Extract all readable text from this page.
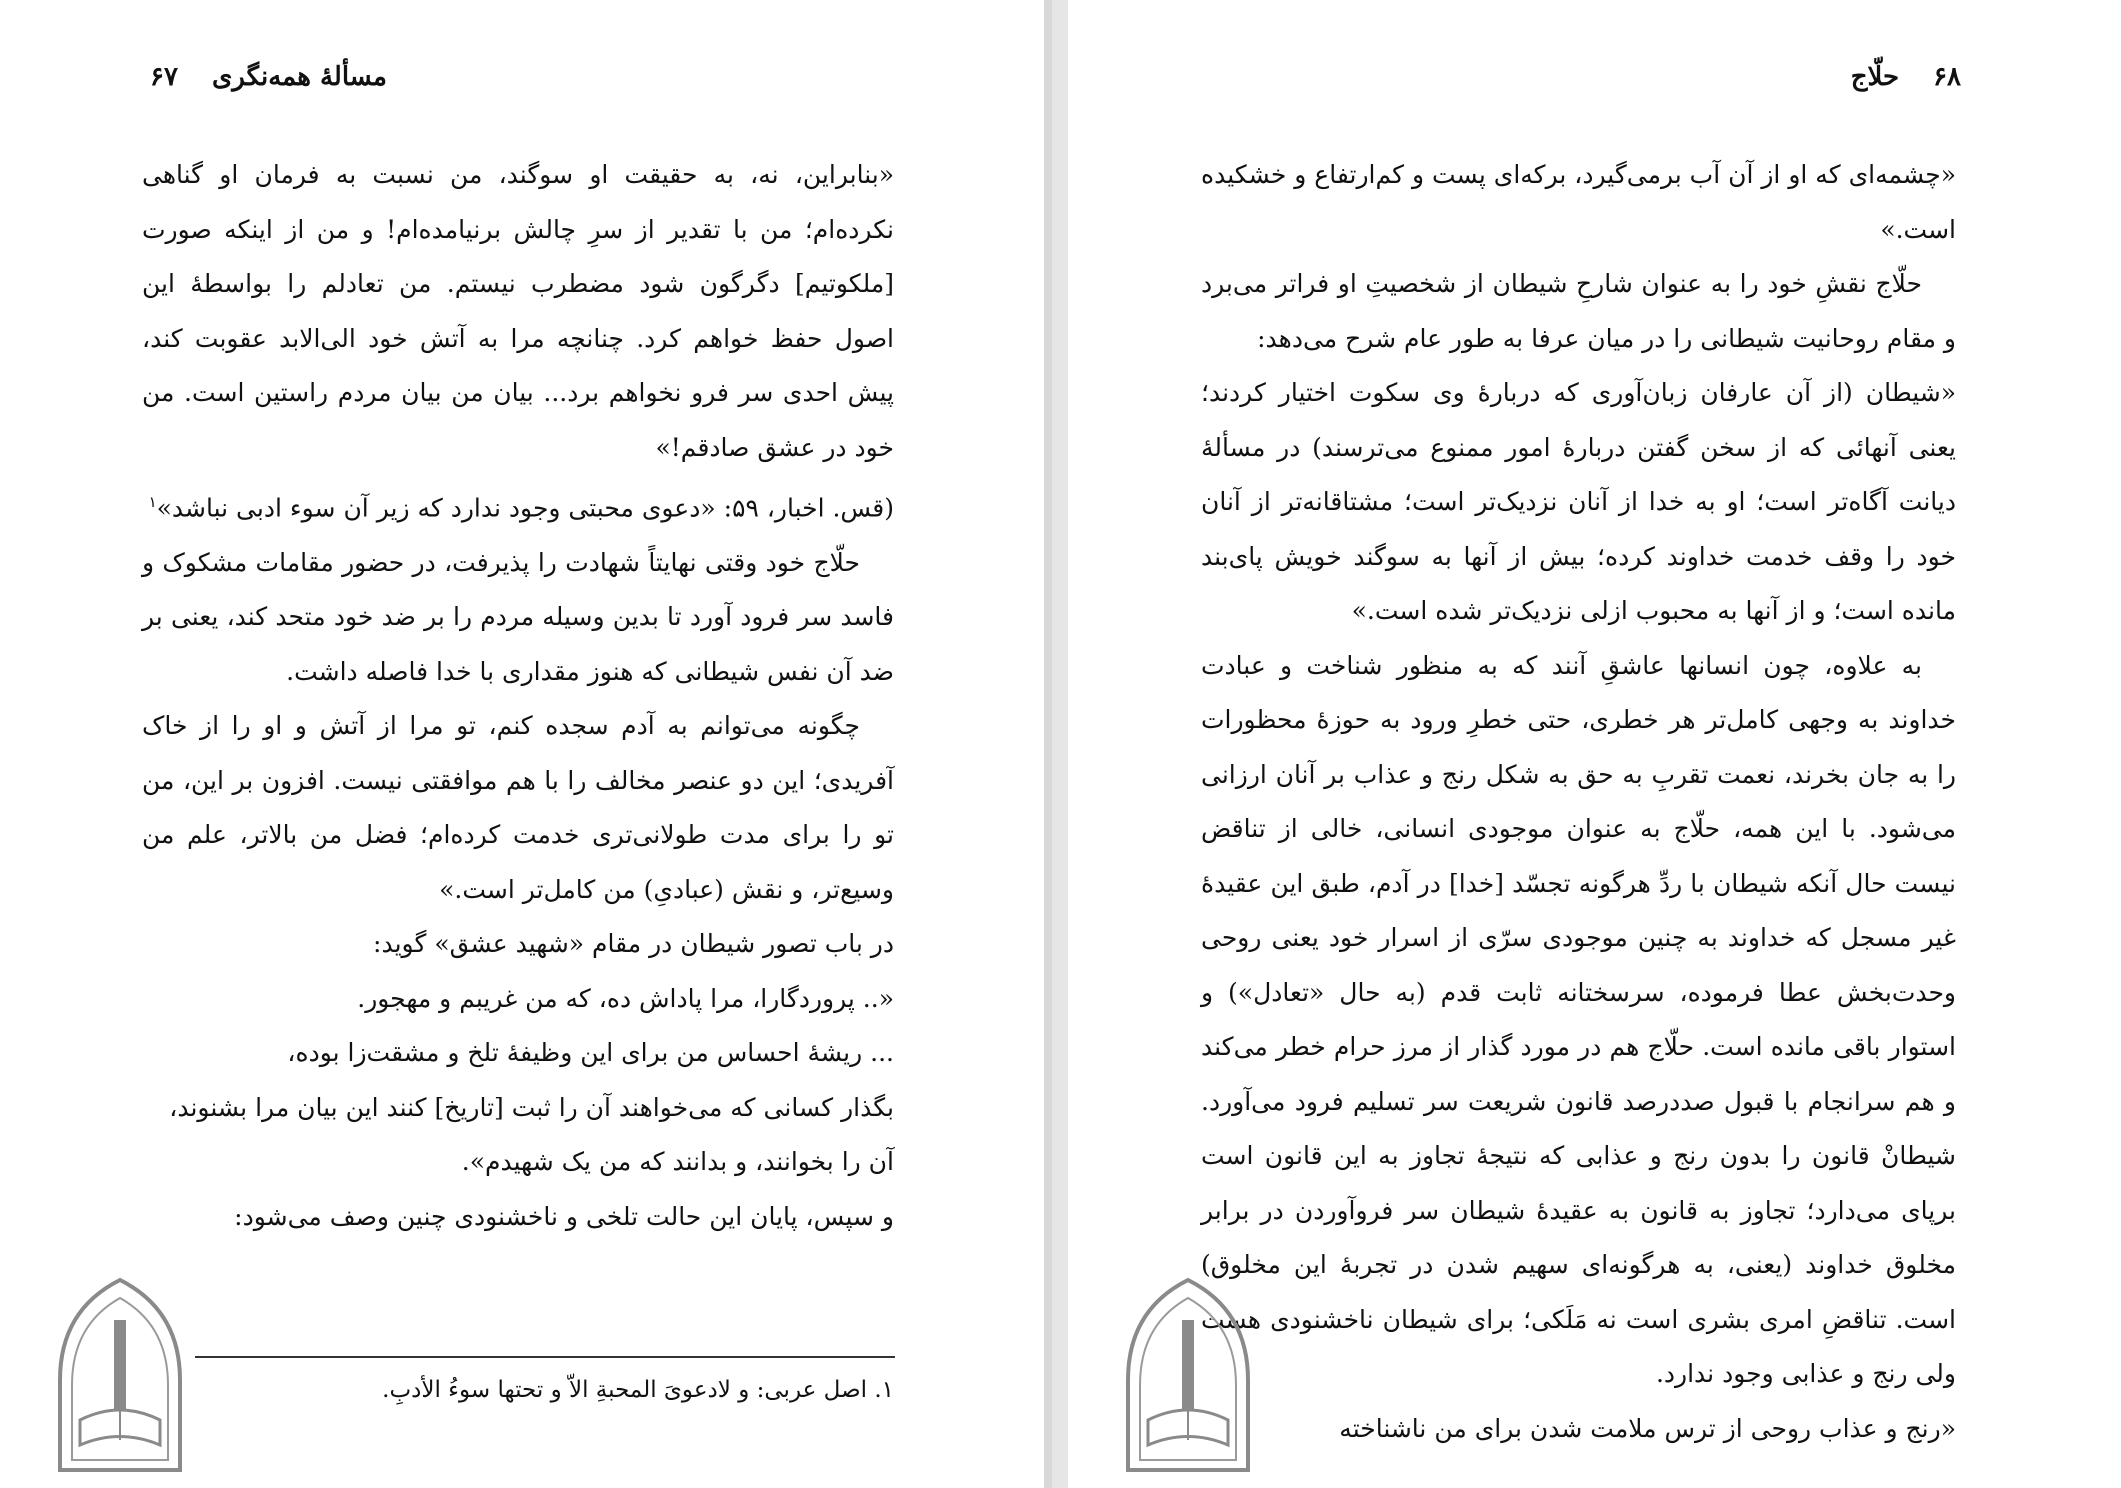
مسألهٔ همه‌نگری
۶۷

«بنابراین، نه، به حقیقت او سوگند، من نسبت به فرمان او گناهی نکرده‌ام؛ من با تقدیر از سرِ چالش برنیامده‌ام! و من از اینکه صورت [ملکوتیم] دگرگون شود مضطرب نیستم. من تعادلم را بواسطهٔ این اصول حفظ خواهم کرد. چنانچه مرا به آتش خود الی‌الابد عقوبت کند، پیش احدی سر فرو نخواهم برد... بیان من بیان مردم راستین است. من خود در عشق صادقم!»

(قس. اخبار، ۵۹: «دعوی محبتی وجود ندارد که زیر آن سوء ادبی نباشد»$^۱$

حلّاج خود وقتی نهایتاً شهادت را پذیرفت، در حضور مقامات مشکوک و فاسد سر فرود آورد تا بدین وسیله مردم را بر ضد خود متحد کند، یعنی بر ضد آن نفس شیطانی که هنوز مقداری با خدا فاصله داشت.

چگونه می‌توانم به آدم سجده کنم، تو مرا از آتش و او را از خاک آفریدی؛ این دو عنصر مخالف را با هم موافقتی نیست. افزون بر این، من تو را برای مدت طولانی‌تری خدمت کرده‌ام؛ فضل من بالاتر، علم من وسیع‌تر، و نقش (عبادیِ) من کامل‌تر است.»

در باب تصور شیطان در مقام «شهید عشق» گوید:

«.. پروردگارا، مرا پاداش ده، که من غریبم و مهجور.

... ریشهٔ احساس من برای این وظیفهٔ تلخ و مشقت‌زا بوده،

بگذار کسانی که می‌خواهند آن را ثبت [تاریخ] کنند این بیان مرا بشنوند،

آن را بخوانند، و بدانند که من یک شهیدم».

و سپس، پایان این حالت تلخی و ناخشنودی چنین وصف می‌شود:

۱. اصل عربی: و لادعویَ المحبةِ الاّ و تحتها سوءُ الأدبِ.
۶۸
حلّاج

«چشمه‌ای که او از آن آب برمی‌گیرد، برکه‌ای پست و کم‌ارتفاع و خشکیده است.»

حلّاج نقشِ خود را به عنوان شارحِ شیطان از شخصیتِ او فراتر می‌برد و مقام روحانیت شیطانی را در میان عرفا به طور عام شرح می‌دهد:

«شیطان (از آن عارفان زبان‌آوری که دربارهٔ وی سکوت اختیار کردند؛ یعنی آنهائی که از سخن گفتن دربارهٔ امور ممنوع می‌ترسند) در مسألهٔ دیانت آگاه‌تر است؛ او به خدا از آنان نزدیک‌تر است؛ مشتاقانه‌تر از آنان خود را وقف خدمت خداوند کرده؛ بیش از آنها به سوگند خویش پای‌بند مانده است؛ و از آنها به محبوب ازلی نزدیک‌تر شده است.»

به علاوه، چون انسانها عاشقِ آنند که به منظور شناخت و عبادت خداوند به وجهی کامل‌تر هر خطری، حتی خطرِ ورود به حوزهٔ محظورات را به جان بخرند، نعمت تقربِ به حق به شکل رنج و عذاب بر آنان ارزانی می‌شود. با این همه، حلّاج به عنوان موجودی انسانی، خالی از تناقض نیست حال آنکه شیطان با ردِّ هرگونه تجسّد [خدا] در آدم، طبق این عقیدهٔ غیر مسجل که خداوند به چنین موجودی سرّی از اسرار خود یعنی روحی وحدت‌بخش عطا فرموده، سرسختانه ثابت قدم (به حال «تعادل») و استوار باقی مانده است. حلّاج هم در مورد گذار از مرز حرام خطر می‌کند و هم سرانجام با قبول صددرصد قانون شریعت سر تسلیم فرود می‌آورد. شیطانْ قانون را بدون رنج و عذابی که نتیجهٔ تجاوز به این قانون است برپای می‌دارد؛ تجاوز به قانون به عقیدهٔ شیطان سر فروآوردن در برابر مخلوق خداوند (یعنی، به هرگونه‌ای سهیم شدن در تجربهٔ این مخلوق) است. تناقضِ امری بشری است نه مَلَکی؛ برای شیطان ناخشنودی هست ولی رنج و عذابی وجود ندارد.

«رنج و عذاب روحی از ترس ملامت شدن برای من ناشناخته
